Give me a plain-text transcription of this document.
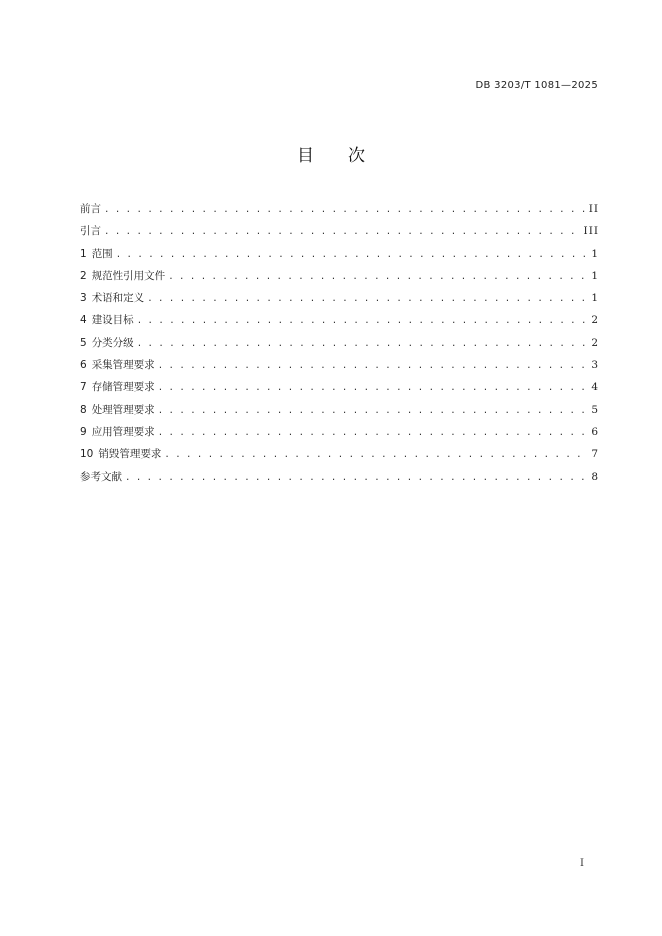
DB 3203/T 1081—2025
目次
前言 . . .	II
引言 . . .	III
1 范围 . . .	1
2 规范性引用文件 . . .	1
3 术语和定义 . . .	1
4 建设目标 . . .	2
5 分类分级 . . .	2
6 采集管理要求 . . .	3
7 存储管理要求 . . .	4
8 处理管理要求 . . .	5
9 应用管理要求 . . .	6
10 销毁管理要求 . . .	7
参考文献 . . .	8
I
